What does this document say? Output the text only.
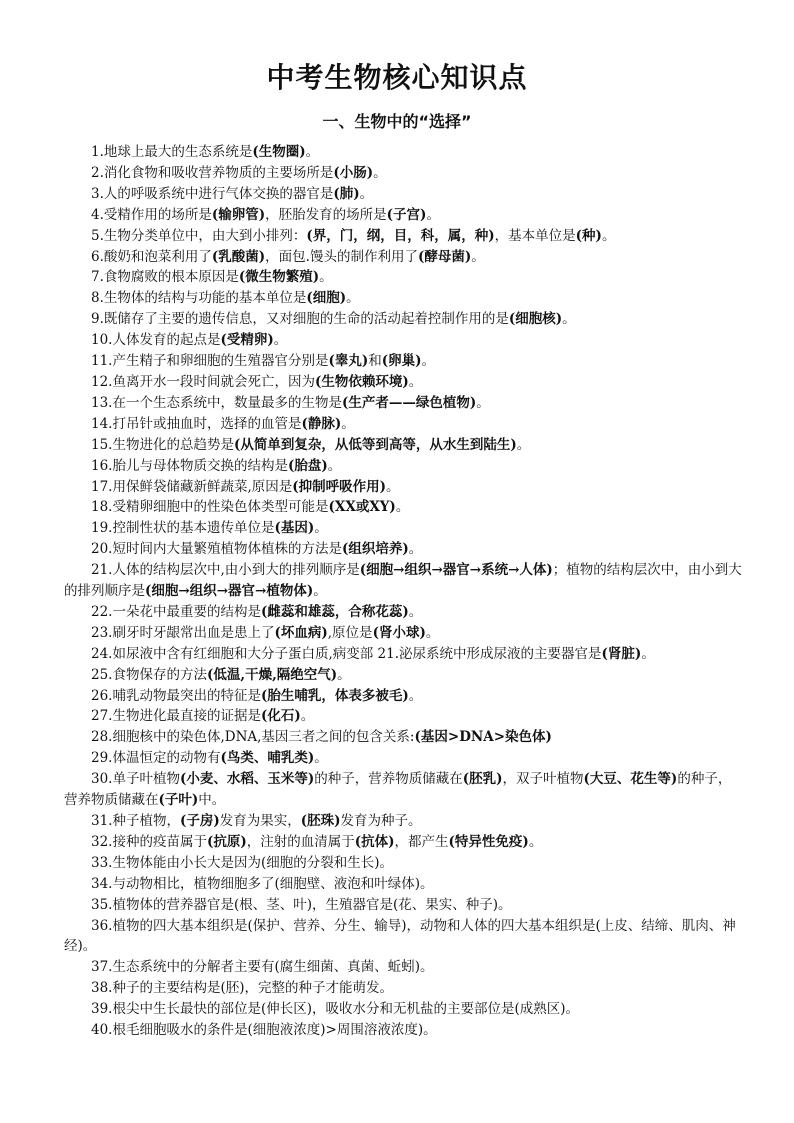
中考生物核心知识点
一、生物中的“选择”

1.地球上最大的生态系统是(生物圈)。

2.消化食物和吸收营养物质的主要场所是(小肠)。

3.人的呼吸系统中进行气体交换的器官是(肺)。

4.受精作用的场所是(输卵管)，胚胎发育的场所是(子宫)。

5.生物分类单位中，由大到小排列：(界，门，纲，目，科，属，种)，基本单位是(种)。

6.酸奶和泡菜利用了(乳酸菌)，面包.馒头的制作利用了(酵母菌)。

7.食物腐败的根本原因是(微生物繁殖)。

8.生物体的结构与功能的基本单位是(细胞)。

9.既储存了主要的遗传信息，又对细胞的生命的活动起着控制作用的是(细胞核)。

10.人体发育的起点是(受精卵)。

11.产生精子和卵细胞的生殖器官分别是(睾丸)和(卵巢)。

12.鱼离开水一段时间就会死亡，因为(生物依赖环境)。

13.在一个生态系统中，数量最多的生物是(生产者——绿色植物)。

14.打吊针或抽血时，选择的血管是(静脉)。

15.生物进化的总趋势是(从简单到复杂，从低等到高等，从水生到陆生)。

16.胎儿与母体物质交换的结构是(胎盘)。

17.用保鲜袋储藏新鲜蔬菜,原因是(抑制呼吸作用)。

18.受精卵细胞中的性染色体类型可能是(XX或XY)。

19.控制性状的基本遗传单位是(基因)。

20.短时间内大量繁殖植物体植株的方法是(组织培养)。

21.人体的结构层次中,由小到大的排列顺序是(细胞→组织→器官→系统→人体)；植物的结构层次中，由小到大的排列顺序是(细胞→组织→器官→植物体)。

22.一朵花中最重要的结构是(雌蕊和雄蕊，合称花蕊)。

23.刷牙时牙龈常出血是患上了(坏血病),原位是(肾小球)。

24.如尿液中含有红细胞和大分子蛋白质,病变部 21.泌尿系统中形成尿液的主要器官是(肾脏)。

25.食物保存的方法(低温,干燥,隔绝空气)。

26.哺乳动物最突出的特征是(胎生哺乳，体表多被毛)。

27.生物进化最直接的证据是(化石)。

28.细胞核中的染色体,DNA,基因三者之间的包含关系:(基因>DNA>染色体)

29.体温恒定的动物有(鸟类、哺乳类)。

30.单子叶植物(小麦、水稻、玉米等)的种子，营养物质储藏在(胚乳)，双子叶植物(大豆、花生等)的种子，营养物质储藏在(子叶)中。

31.种子植物，(子房)发育为果实，(胚珠)发育为种子。

32.接种的疫苗属于(抗原)，注射的血清属于(抗体)，都产生(特异性免疫)。

33.生物体能由小长大是因为(细胞的分裂和生长)。

34.与动物相比，植物细胞多了(细胞壁、液泡和叶绿体)。

35.植物体的营养器官是(根、茎、叶)，生殖器官是(花、果实、种子)。

36.植物的四大基本组织是(保护、营养、分生、输导)，动物和人体的四大基本组织是(上皮、结缔、肌肉、神经)。

37.生态系统中的分解者主要有(腐生细菌、真菌、蚯蚓)。

38.种子的主要结构是(胚)，完整的种子才能萌发。

39.根尖中生长最快的部位是(伸长区)，吸收水分和无机盐的主要部位是(成熟区)。

40.根毛细胞吸水的条件是(细胞液浓度)>周围溶液浓度)。
